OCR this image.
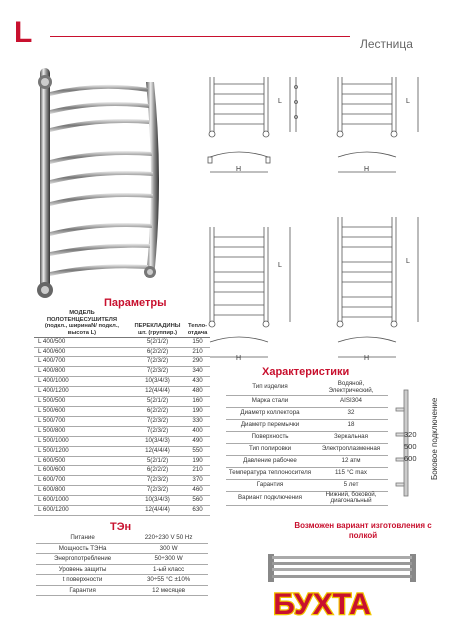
L	Лестница
L
H	H
L
L
L
H	H
Параметры
МОДЕЛЬ ПОЛОТЕНЦЕСУШИТЕЛЯ (подкл., ширинаN/ подкл., высота L)	ПЕРЕКЛАДИНЫ шт. (группир.)	Тепло-отдача
L 400/500	5(2/1/2)	150
L 400/600	6(2/2/2)	210
L 400/700	7(2/3/2)	290
L 400/800	7(2/3/2)	340
L 400/1000	10(3/4/3)	430
L 400/1200	12(4/4/4)	480
L 500/500	5(2/1/2)	160
L 500/600	6(2/2/2)	190
L 500/700	7(2/3/2)	330
L 500/800	7(2/3/2)	400
L 500/1000	10(3/4/3)	490
L 500/1200	12(4/4/4)	550
L 600/500	5(2/1/2)	190
L 600/600	6(2/2/2)	210
L 600/700	7(2/3/2)	370
L 600/800	7(2/3/2)	460
L 600/1000	10(3/4/3)	560
L 600/1200	12(4/4/4)	630
Характеристики
Тип изделия	Водяной, Электрический,
Марка стали	AISI304
Диаметр коллектора	32
Диаметр перемычки	18
Поверхность	Зеркальная
Тип полировки	Электроплазменная
Давление рабочее	12 атм
Температура теплоносителя	115 °С max
Гарантия	5 лет
Вариант подключения	Нижний, боковой, диагональный
320
500
600 Боковое подключение
ТЭн
Питание	220÷230 V 50 Hz
Мощность ТЭНа	300 W
Энергопотребление	50÷300 W
Уровень защиты	1-ый класс
t поверхности	30÷55 °С ±10%
Гарантия	12 месяцев
Возможен вариант изготовления с полкой
БУХТА
